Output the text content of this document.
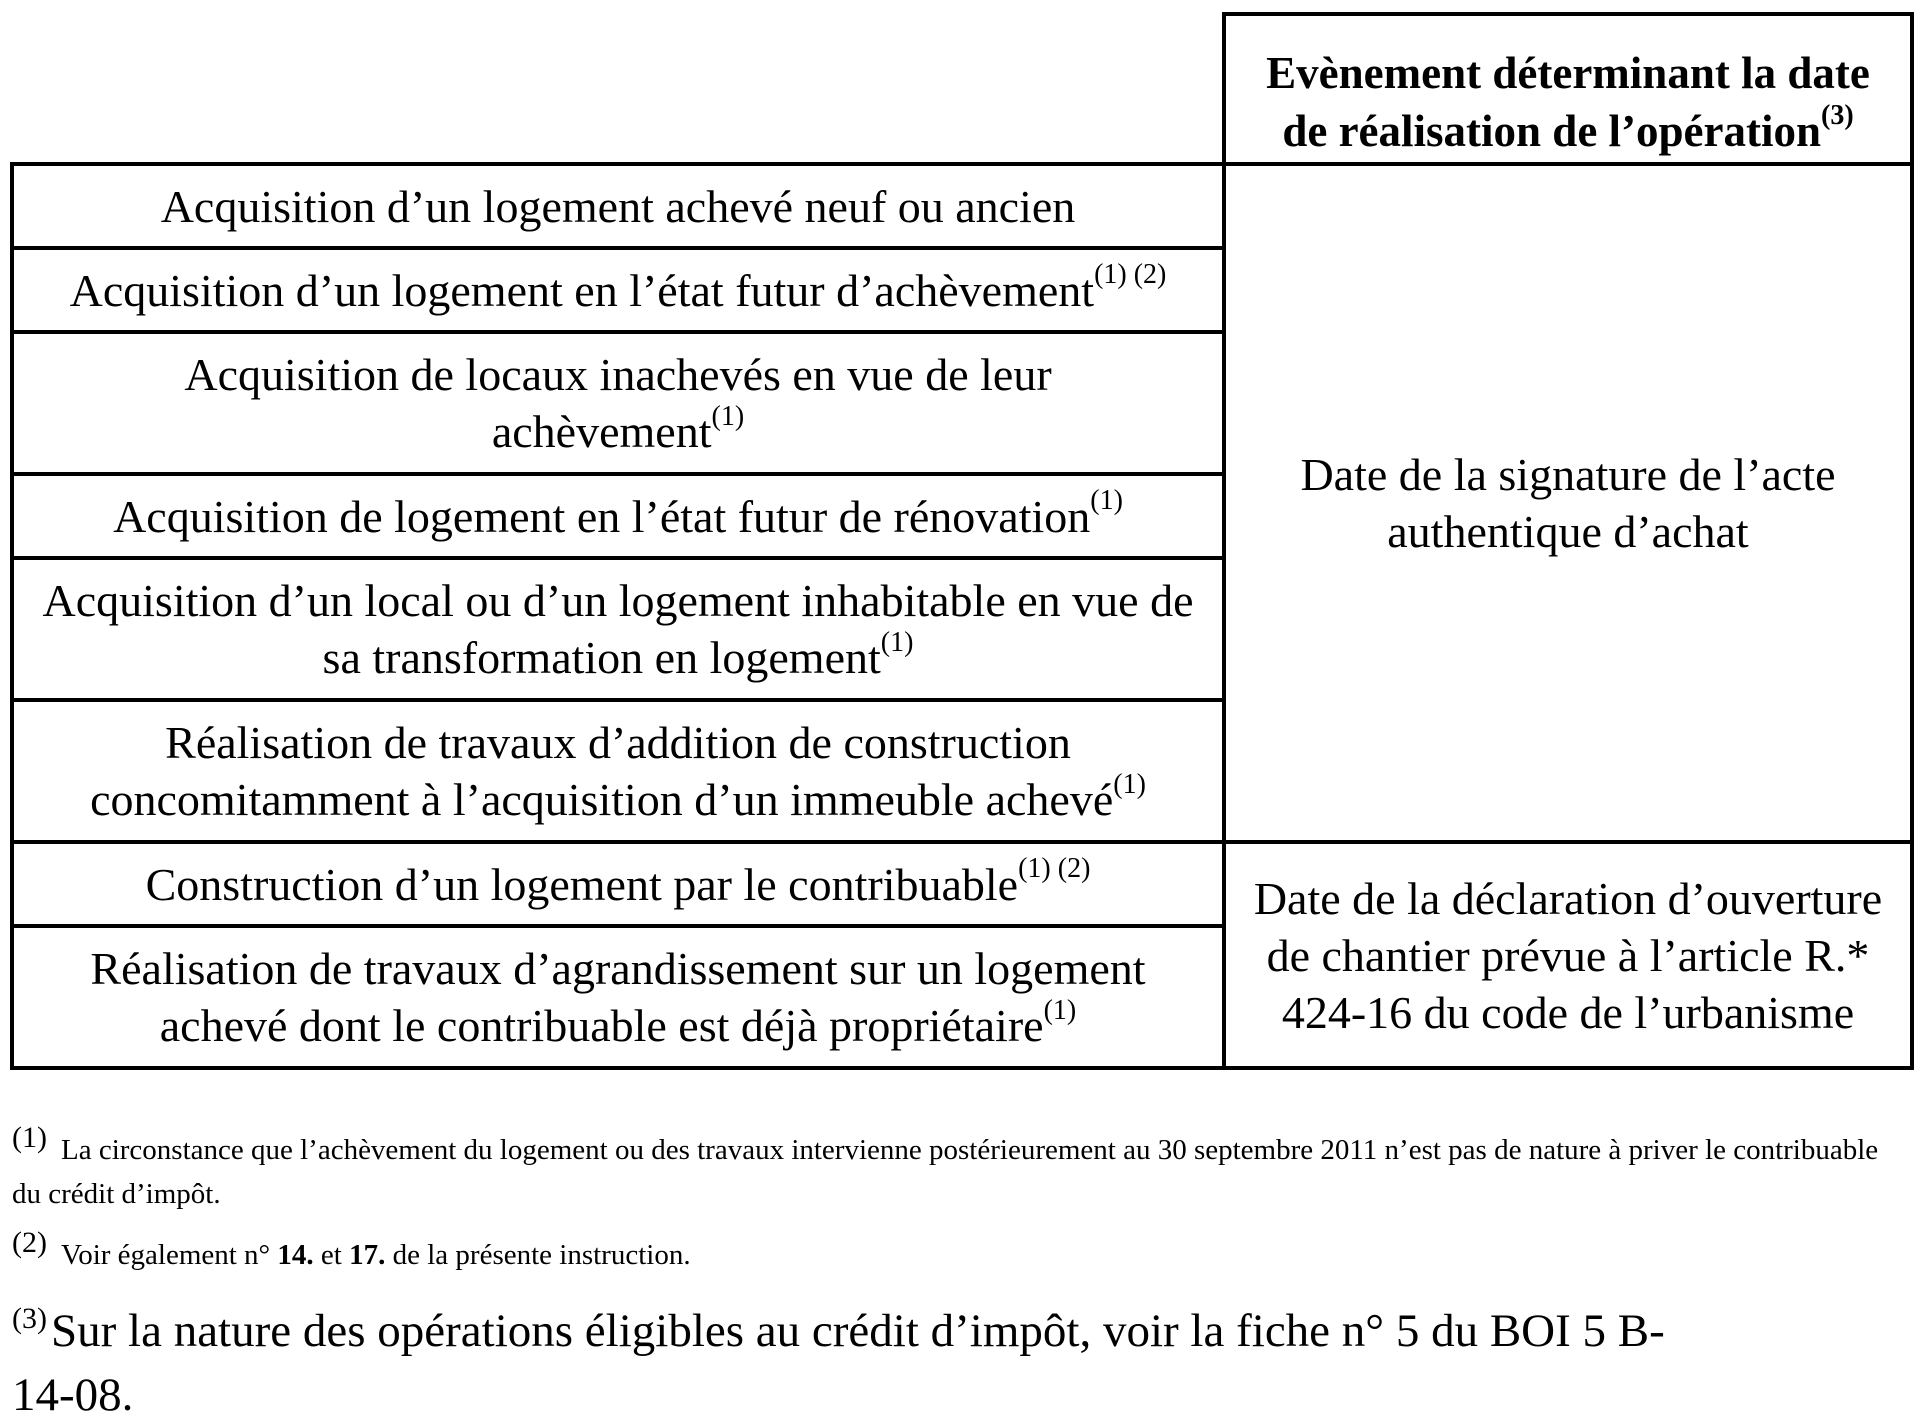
	Evènement déterminant la date
de réalisation de l’opération$^{(3)}$
Acquisition d’un logement achevé neuf ou ancien	Date de la signature de l’acte authentique d’achat

Acquisition d’un logement en l’état futur d’achèvement$^{(1) (2)}$
Acquisition de locaux inachevés en vue de leur achèvement$^{(1)}$
Acquisition de logement en l’état futur de rénovation$^{(1)}$
Acquisition d’un local ou d’un logement inhabitable en vue de sa transformation en logement$^{(1)}$
Réalisation de travaux d’addition de construction concomitamment à l’acquisition d’un immeuble achevé$^{(1)}$
Construction d’un logement par le contribuable$^{(1) (2)}$	Date de la déclaration d’ouverture de chantier prévue à l’article R.* 424-16 du code de l’urbanisme

Réalisation de travaux d’agrandissement sur un logement achevé dont le contribuable est déjà propriétaire$^{(1)}$
(1) La circonstance que l’achèvement du logement ou des travaux intervienne postérieurement au 30 septembre 2011 n’est pas de nature à priver le contribuable du crédit d’impôt.
(2) Voir également n° 14. et 17. de la présente instruction.
$^{(3)}$Sur la nature des opérations éligibles au crédit d’impôt, voir la fiche n° 5 du BOI 5 B-14-08.
